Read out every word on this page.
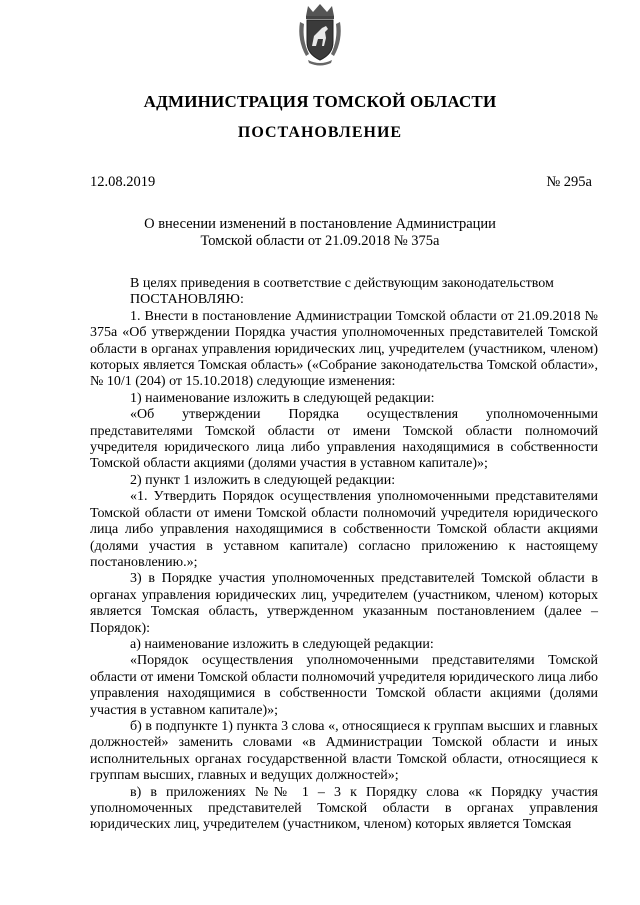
АДМИНИСТРАЦИЯ ТОМСКОЙ ОБЛАСТИ
ПОСТАНОВЛЕНИЕ
12.08.2019	№ 295а
О внесении изменений в постановление Администрации
Томской области от 21.09.2018 № 375а

В целях приведения в соответствие с действующим законодательством

ПОСТАНОВЛЯЮ:

1. Внести в постановление Администрации Томской области от 21.09.2018 № 375а «Об утверждении Порядка участия уполномоченных представителей Томской области в органах управления юридических лиц, учредителем (участником, членом) которых является Томская область» («Собрание законодательства Томской области», № 10/1 (204) от 15.10.2018) следующие изменения:

1) наименование изложить в следующей редакции:

«Об утверждении Порядка осуществления уполномоченными представителями Томской области от имени Томской области полномочий учредителя юридического лица либо управления находящимися в собственности Томской области акциями (долями участия в уставном капитале)»;

2) пункт 1 изложить в следующей редакции:

«1. Утвердить Порядок осуществления уполномоченными представителями Томской области от имени Томской области полномочий учредителя юридического лица либо управления находящимися в собственности Томской области акциями (долями участия в уставном капитале) согласно приложению к настоящему постановлению.»;

3) в Порядке участия уполномоченных представителей Томской области в органах управления юридических лиц, учредителем (участником, членом) которых является Томская область, утвержденном указанным постановлением (далее – Порядок):

а) наименование изложить в следующей редакции:

«Порядок осуществления уполномоченными представителями Томской области от имени Томской области полномочий учредителя юридического лица либо управления находящимися в собственности Томской области акциями (долями участия в уставном капитале)»;

б) в подпункте 1) пункта 3 слова «, относящиеся к группам высших и главных должностей» заменить словами «в Администрации Томской области и иных исполнительных органах государственной власти Томской области, относящиеся к группам высших, главных и ведущих должностей»;

в) в приложениях №№ 1 – 3 к Порядку слова «к Порядку участия уполномоченных представителей Томской области в органах управления юридических лиц, учредителем (участником, членом) которых является Томская
